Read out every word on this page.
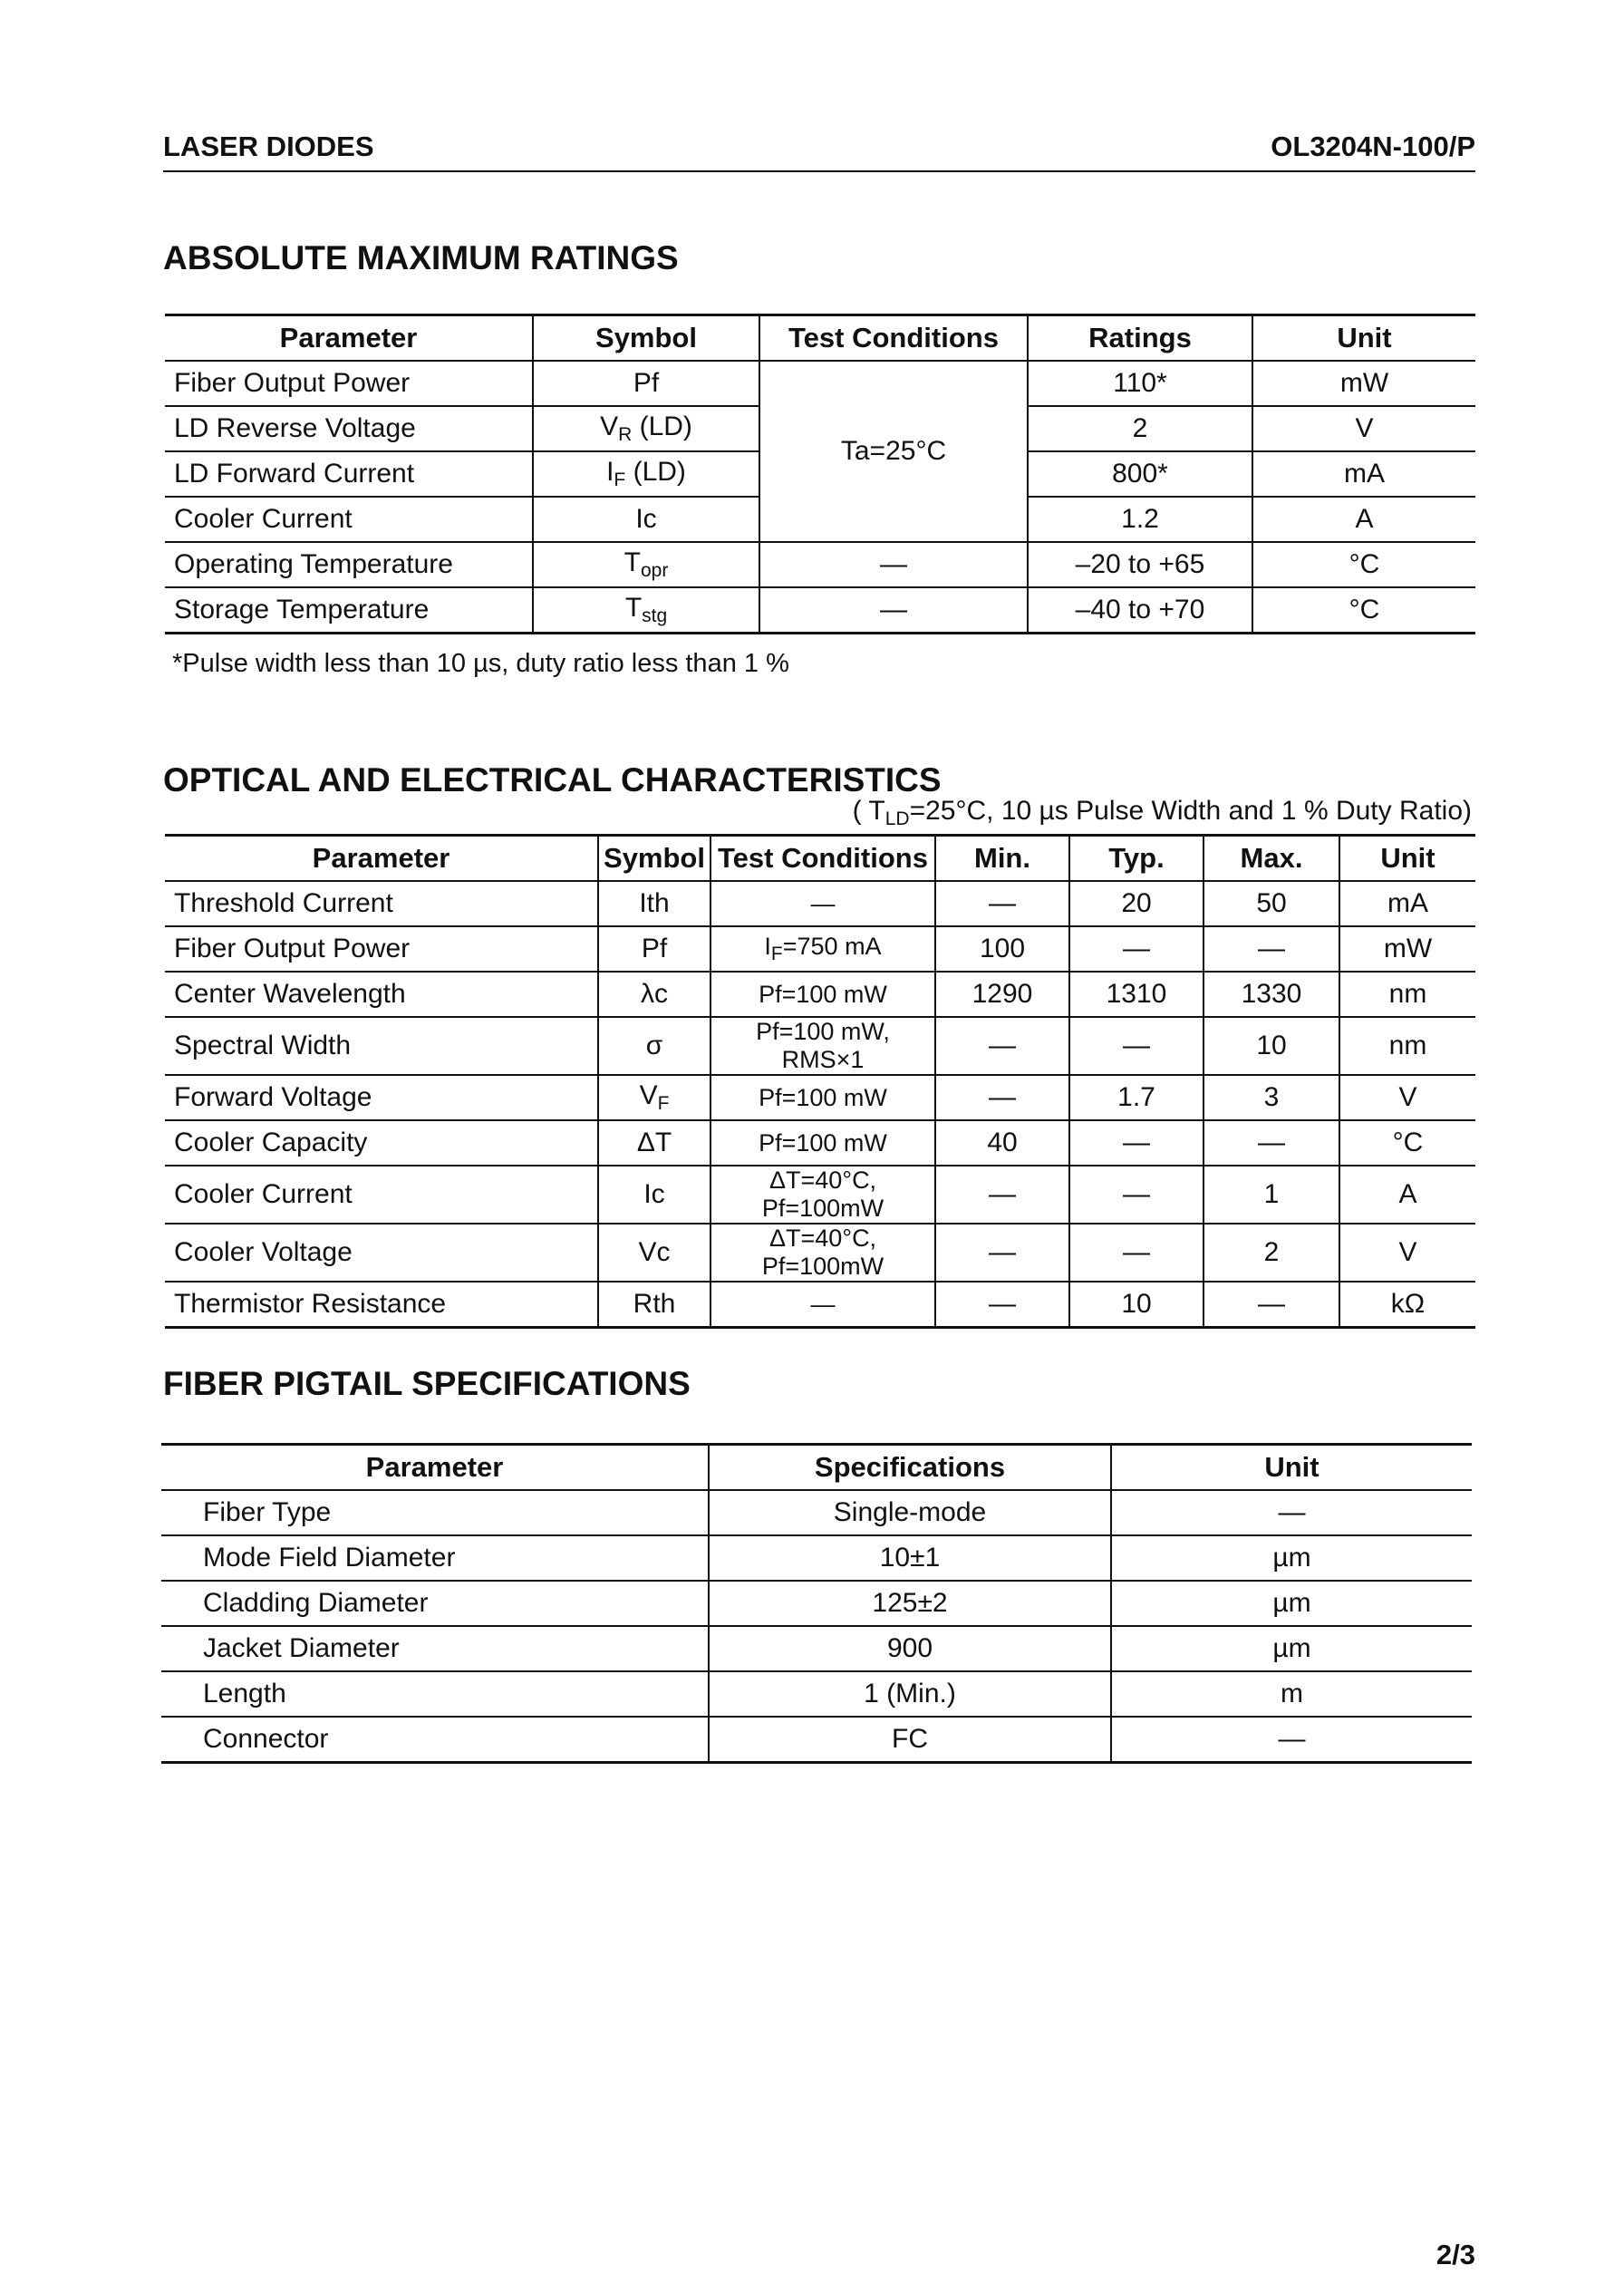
LASER DIODES	OL3204N-100/P
ABSOLUTE MAXIMUM RATINGS
Parameter	Symbol	Test Conditions	Ratings	Unit
Fiber Output Power	Pf	Ta=25°C	110*	mW
LD Reverse Voltage	$V_R$ (LD)		2	V
LD Forward Current	$I_F$ (LD)		800*	mA
Cooler Current	Ic		1.2	A
Operating Temperature	$T_{opr}$	—	–20 to +65	°C
Storage Temperature	$T_{stg}$	—	–40 to +70	°C
*Pulse width less than 10 µs, duty ratio less than 1 %
OPTICAL AND ELECTRICAL CHARACTERISTICS
( $T_{LD}=25^\circ C$, 10 µs Pulse Width and 1 % Duty Ratio)
Parameter	Symbol	Test Conditions	Min.	Typ.	Max.	Unit
Threshold Current	Ith	—	—	20	50	mA
Fiber Output Power	Pf	$I_F=750$ mA	100	—	—	mW
Center Wavelength	λc	Pf=100 mW	1290	1310	1330	nm
Spectral Width	σ	Pf=100 mW, RMS×1	—	—	10	nm
Forward Voltage	$V_F$	Pf=100 mW	—	1.7	3	V
Cooler Capacity	ΔT	Pf=100 mW	40	—	—	°C
Cooler Current	Ic	ΔT=40°C, Pf=100mW	—	—	1	A
Cooler Voltage	Vc	ΔT=40°C, Pf=100mW	—	—	2	V
Thermistor Resistance	Rth	—	—	10	—	kΩ
FIBER PIGTAIL SPECIFICATIONS
Parameter	Specifications	Unit
Fiber Type	Single-mode	—
Mode Field Diameter	10±1	µm
Cladding Diameter	125±2	µm
Jacket Diameter	900	µm
Length	1 (Min.)	m
Connector	FC	—
2/3
